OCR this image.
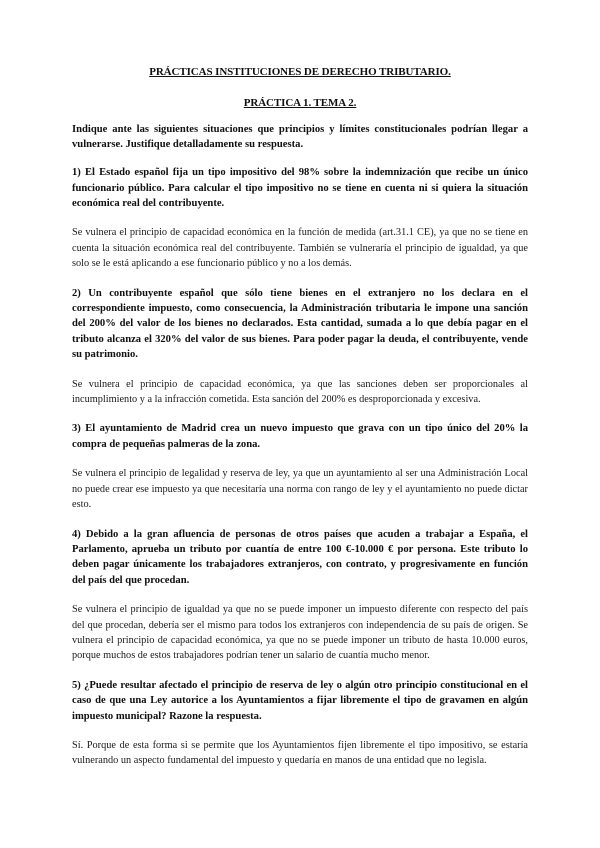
PRÁCTICAS INSTITUCIONES DE DERECHO TRIBUTARIO.

PRÁCTICA 1. TEMA 2.

Indique ante las siguientes situaciones que principios y límites constitucionales podrían llegar a vulnerarse. Justifique detalladamente su respuesta.

1) El Estado español fija un tipo impositivo del 98% sobre la indemnización que recibe un único funcionario público. Para calcular el tipo impositivo no se tiene en cuenta ni si quiera la situación económica real del contribuyente.

Se vulnera el principio de capacidad económica en la función de medida (art.31.1 CE), ya que no se tiene en cuenta la situación económica real del contribuyente. También se vulneraría el principio de igualdad, ya que solo se le está aplicando a ese funcionario público y no a los demás.

2) Un contribuyente español que sólo tiene bienes en el extranjero no los declara en el correspondiente impuesto, como consecuencia, la Administración tributaria le impone una sanción del 200% del valor de los bienes no declarados. Esta cantidad, sumada a lo que debía pagar en el tributo alcanza el 320% del valor de sus bienes. Para poder pagar la deuda, el contribuyente, vende su patrimonio.

Se vulnera el principio de capacidad económica, ya que las sanciones deben ser proporcionales al incumplimiento y a la infracción cometida. Esta sanción del 200% es desproporcionada y excesiva.

3) El ayuntamiento de Madrid crea un nuevo impuesto que grava con un tipo único del 20% la compra de pequeñas palmeras de la zona.

Se vulnera el principio de legalidad y reserva de ley, ya que un ayuntamiento al ser una Administración Local no puede crear ese impuesto ya que necesitaría una norma con rango de ley y el ayuntamiento no puede dictar esto.

4) Debido a la gran afluencia de personas de otros países que acuden a trabajar a España, el Parlamento, aprueba un tributo por cuantía de entre 100 €-10.000 € por persona. Este tributo lo deben pagar únicamente los trabajadores extranjeros, con contrato, y progresivamente en función del país del que procedan.

Se vulnera el principio de igualdad ya que no se puede imponer un impuesto diferente con respecto del país del que procedan, debería ser el mismo para todos los extranjeros con independencia de su país de origen. Se vulnera el principio de capacidad económica, ya que no se puede imponer un tributo de hasta 10.000 euros, porque muchos de estos trabajadores podrían tener un salario de cuantía mucho menor.

5) ¿Puede resultar afectado el principio de reserva de ley o algún otro principio constitucional en el caso de que una Ley autorice a los Ayuntamientos a fijar libremente el tipo de gravamen en algún impuesto municipal? Razone la respuesta.

Sí. Porque de esta forma si se permite que los Ayuntamientos fijen libremente el tipo impositivo, se estaría vulnerando un aspecto fundamental del impuesto y quedaría en manos de una entidad que no legisla.
